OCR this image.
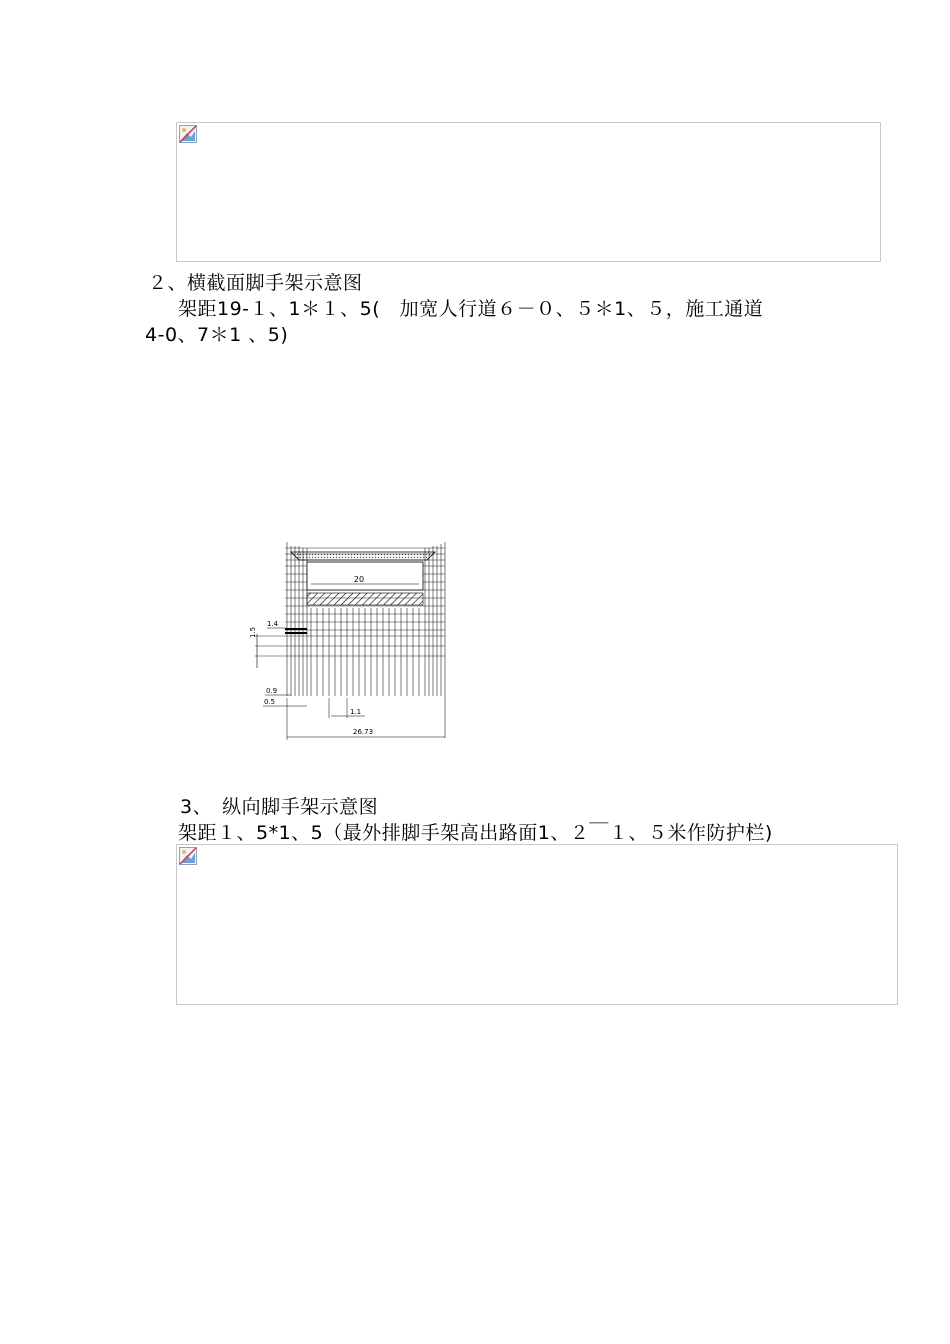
２、横截面脚手架示意图
架距19-１、1＊１、5(　加宽人行道６－０、５＊1、５，施工通道
4-0、7＊1 、5)
20
1.4
1.5
0.9
0.5
1.1
26.73
3、　纵向脚手架示意图
架距１、5*1、5（最外排脚手架高出路面1、２￣１、５米作防护栏)
